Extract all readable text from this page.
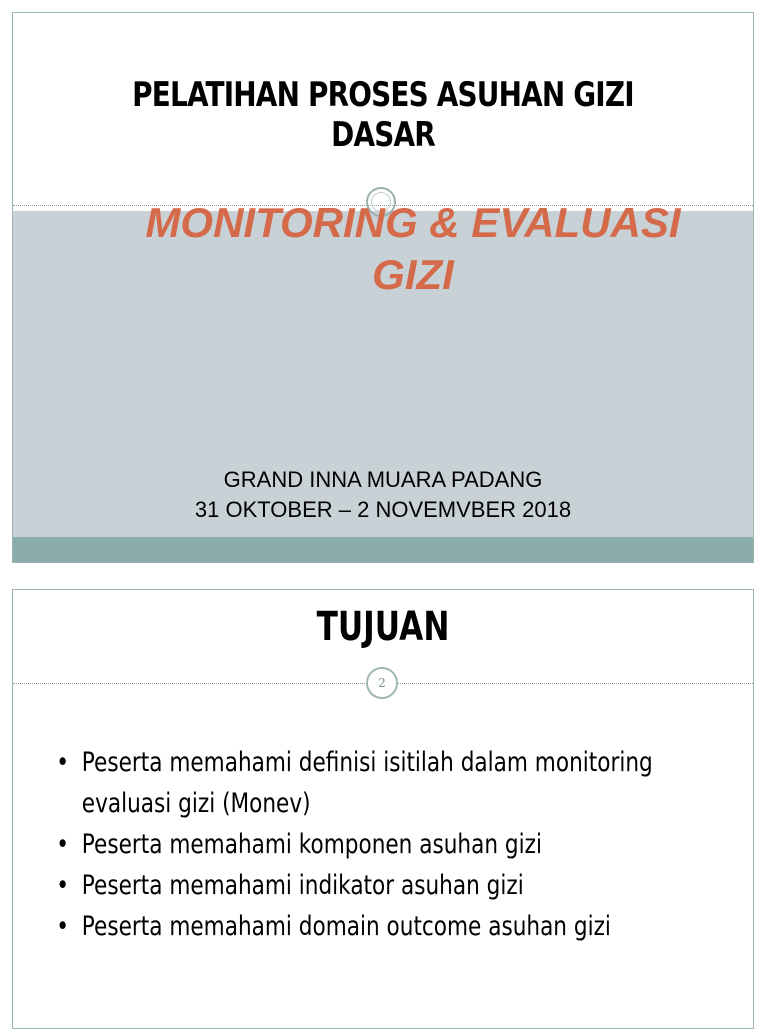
PELATIHAN PROSES ASUHAN GIZI DASAR
MONITORING & EVALUASI GIZI
GRAND INNA MUARA PADANG
31 OKTOBER – 2 NOVEMVBER 2018
TUJUAN
2
• Peserta memahami definisi isitilah dalam monitoring evaluasi gizi (Monev)
• Peserta memahami komponen asuhan gizi
• Peserta memahami indikator asuhan gizi
• Peserta memahami domain outcome asuhan gizi
